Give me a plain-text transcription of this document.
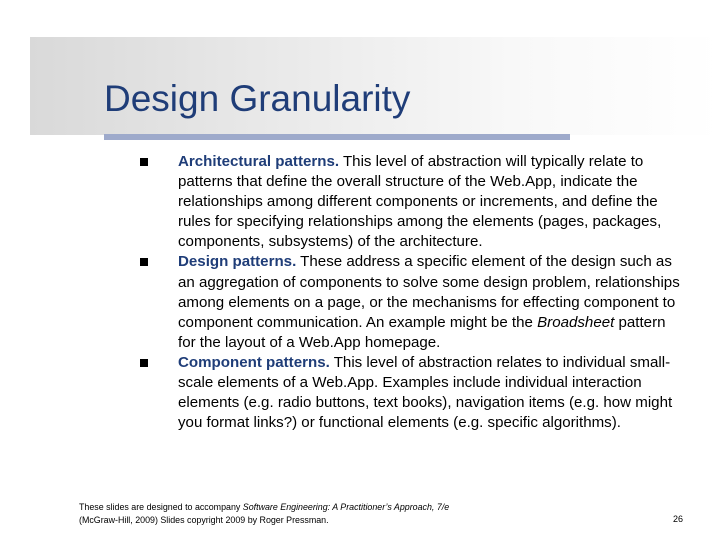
Design Granularity
Architectural patterns. This level of abstraction will typically relate to patterns that define the overall structure of the Web.App, indicate the relationships among different components or increments, and define the rules for specifying relationships among the elements (pages, packages, components, subsystems) of the architecture.
Design patterns. These address a specific element of the design such as an aggregation of components to solve some design problem, relationships among elements on a page, or the mechanisms for effecting component to component communication. An example might be the Broadsheet pattern for the layout of a Web.App homepage.
Component patterns. This level of abstraction relates to individual small-scale elements of a Web.App. Examples include individual interaction elements (e.g. radio buttons, text books), navigation items (e.g. how might you format links?) or functional elements (e.g. specific algorithms).
These slides are designed to accompany Software Engineering: A Practitioner’s Approach, 7/e
(McGraw-Hill, 2009) Slides copyright 2009 by Roger Pressman.	26
